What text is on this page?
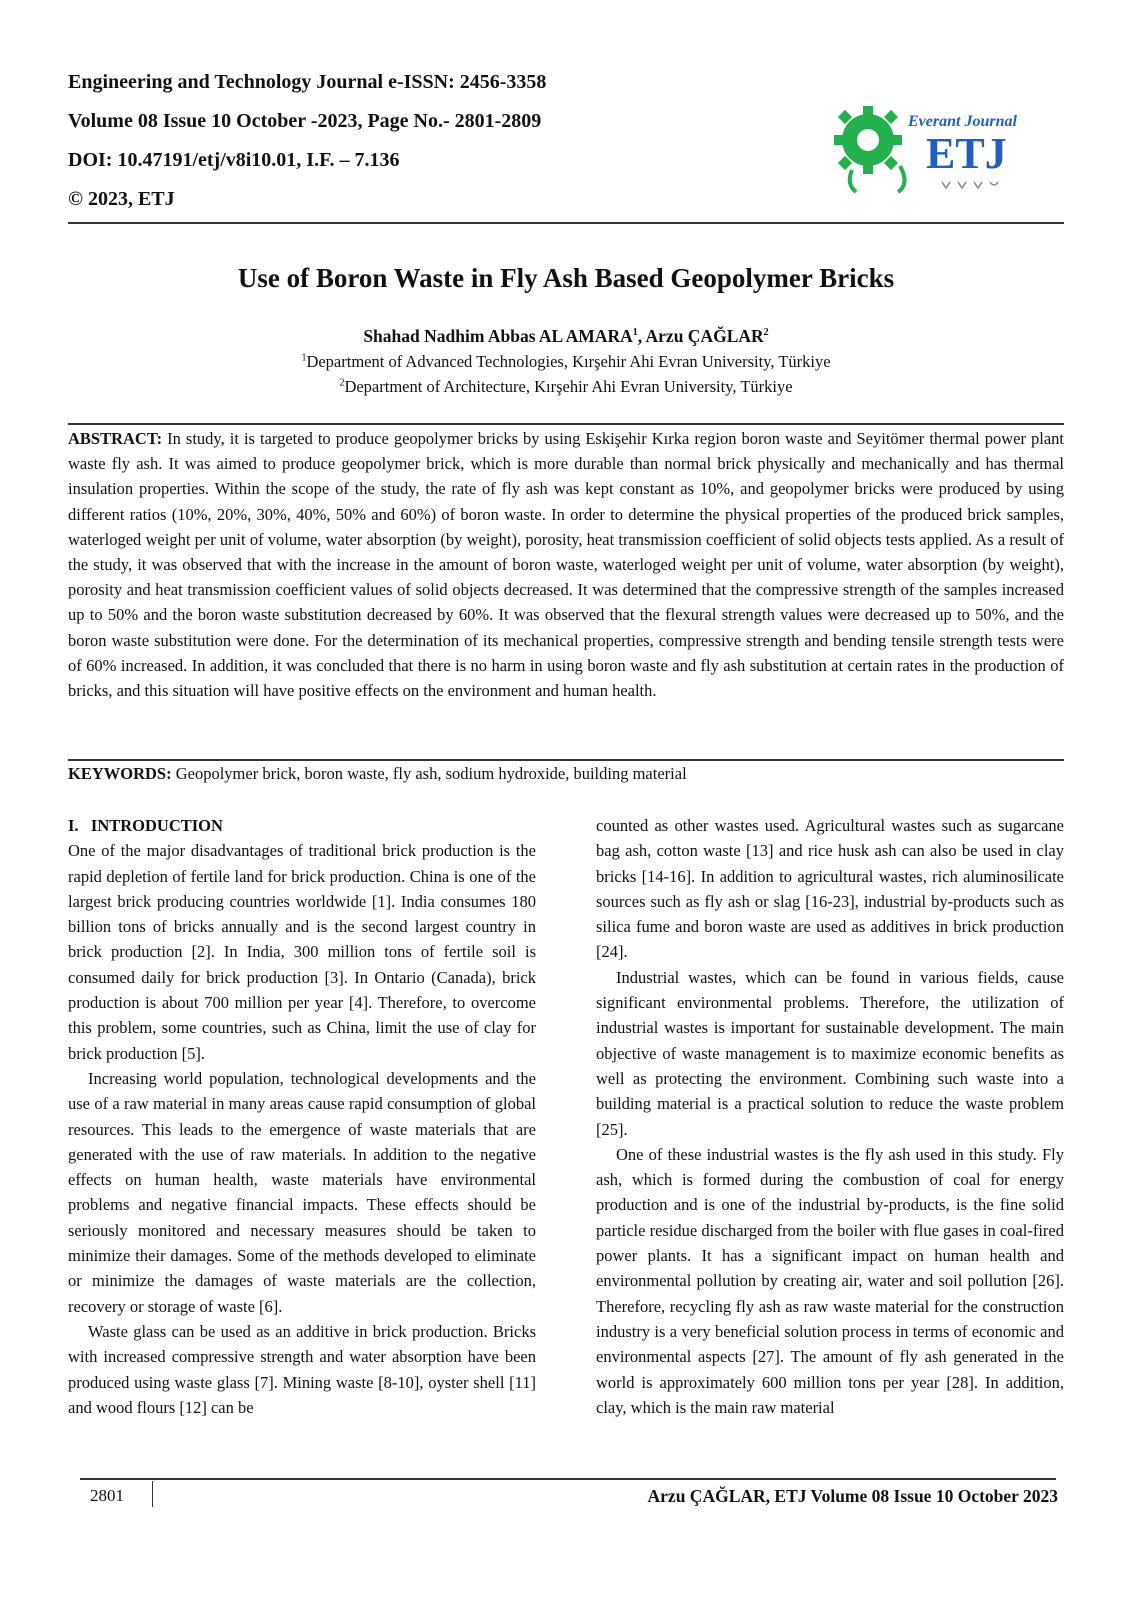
Engineering and Technology Journal e-ISSN: 2456-3358
Volume 08 Issue 10 October -2023, Page No.- 2801-2809
DOI: 10.47191/etj/v8i10.01, I.F. – 7.136
© 2023, ETJ
Everant Journal
ETJ
Use of Boron Waste in Fly Ash Based Geopolymer Bricks
Shahad Nadhim Abbas AL AMARA$^1$, Arzu ÇAĞLAR$^2$
$^1$Department of Advanced Technologies, Kırşehir Ahi Evran University, Türkiye
$^2$Department of Architecture, Kırşehir Ahi Evran University, Türkiye
ABSTRACT: In study, it is targeted to produce geopolymer bricks by using Eskişehir Kırka region boron waste and Seyitömer thermal power plant waste fly ash. It was aimed to produce geopolymer brick, which is more durable than normal brick physically and mechanically and has thermal insulation properties. Within the scope of the study, the rate of fly ash was kept constant as 10%, and geopolymer bricks were produced by using different ratios (10%, 20%, 30%, 40%, 50% and 60%) of boron waste. In order to determine the physical properties of the produced brick samples, waterloged weight per unit of volume, water absorption (by weight), porosity, heat transmission coefficient of solid objects tests applied. As a result of the study, it was observed that with the increase in the amount of boron waste, waterloged weight per unit of volume, water absorption (by weight), porosity and heat transmission coefficient values of solid objects decreased. It was determined that the compressive strength of the samples increased up to 50% and the boron waste substitution decreased by 60%. It was observed that the flexural strength values were decreased up to 50%, and the boron waste substitution were done. For the determination of its mechanical properties, compressive strength and bending tensile strength tests were of 60% increased. In addition, it was concluded that there is no harm in using boron waste and fly ash substitution at certain rates in the production of bricks, and this situation will have positive effects on the environment and human health.
KEYWORDS: Geopolymer brick, boron waste, fly ash, sodium hydroxide, building material

I.   INTRODUCTION

One of the major disadvantages of traditional brick production is the rapid depletion of fertile land for brick production. China is one of the largest brick producing countries worldwide [1]. India consumes 180 billion tons of bricks annually and is the second largest country in brick production [2]. In India, 300 million tons of fertile soil is consumed daily for brick production [3]. In Ontario (Canada), brick production is about 700 million per year [4]. Therefore, to overcome this problem, some countries, such as China, limit the use of clay for brick production [5].

Increasing world population, technological developments and the use of a raw material in many areas cause rapid consumption of global resources. This leads to the emergence of waste materials that are generated with the use of raw materials. In addition to the negative effects on human health, waste materials have environmental problems and negative financial impacts. These effects should be seriously monitored and necessary measures should be taken to minimize their damages. Some of the methods developed to eliminate or minimize the damages of waste materials are the collection, recovery or storage of waste [6].

Waste glass can be used as an additive in brick production. Bricks with increased compressive strength and water absorption have been produced using waste glass [7]. Mining waste [8-10], oyster shell [11] and wood flours [12] can be

counted as other wastes used. Agricultural wastes such as sugarcane bag ash, cotton waste [13] and rice husk ash can also be used in clay bricks [14-16]. In addition to agricultural wastes, rich aluminosilicate sources such as fly ash or slag [16-23], industrial by-products such as silica fume and boron waste are used as additives in brick production [24].

Industrial wastes, which can be found in various fields, cause significant environmental problems. Therefore, the utilization of industrial wastes is important for sustainable development. The main objective of waste management is to maximize economic benefits as well as protecting the environment. Combining such waste into a building material is a practical solution to reduce the waste problem [25].

One of these industrial wastes is the fly ash used in this study. Fly ash, which is formed during the combustion of coal for energy production and is one of the industrial by-products, is the fine solid particle residue discharged from the boiler with flue gases in coal-fired power plants. It has a significant impact on human health and environmental pollution by creating air, water and soil pollution [26]. Therefore, recycling fly ash as raw waste material for the construction industry is a very beneficial solution process in terms of economic and environmental aspects [27]. The amount of fly ash generated in the world is approximately 600 million tons per year [28]. In addition, clay, which is the main raw material

2801	Arzu ÇAĞLAR, ETJ Volume 08 Issue 10 October 2023
